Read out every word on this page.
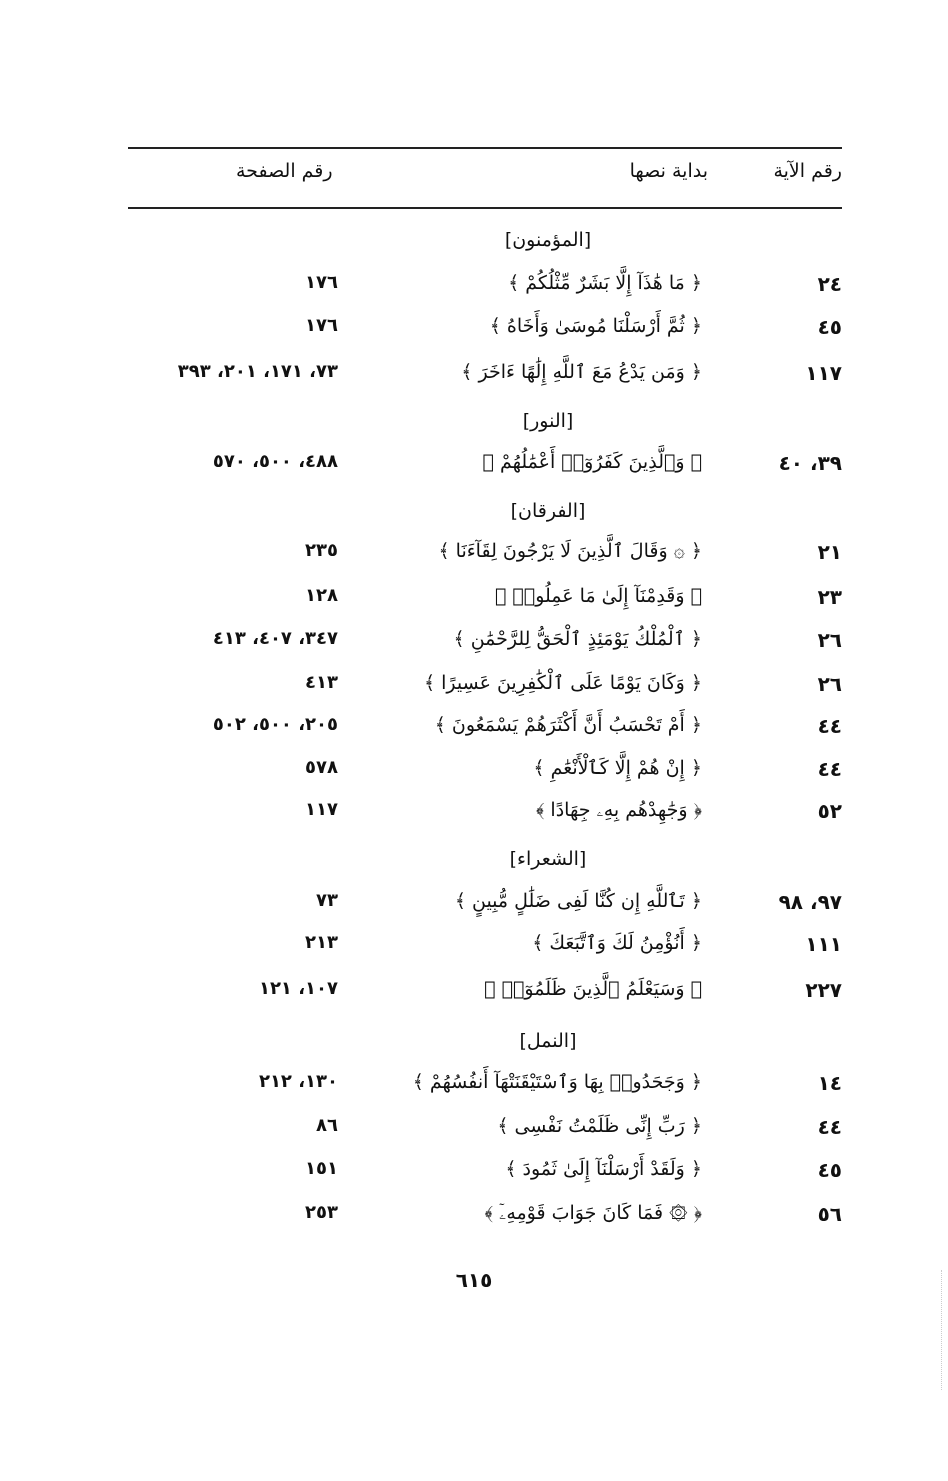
رقم الآية
بداية نصها
رقم الصفحة
[المؤمنون]
٢٤
﴿ مَا هَٰذَآ إِلَّا بَشَرٌ مِّثْلُكُمْ ﴾
١٧٦
٤٥
﴿ ثُمَّ أَرْسَلْنَا مُوسَىٰ وَأَخَاهُ ﴾
١٧٦
١١٧
﴿ وَمَن يَدْعُ مَعَ ٱللَّهِ إِلَٰهًا ءَاخَرَ ﴾
٧٣، ١٧١، ٢٠١، ٣٩٣
[النور]
٣٩، ٤٠
﴿ وَٱلَّذِينَ كَفَرُوٓا۟ أَعْمَٰلُهُمْ ﴾
٤٨٨، ٥٠٠، ٥٧٠
[الفرقان]
٢١
﴿ ۞ وَقَالَ ٱلَّذِينَ لَا يَرْجُونَ لِقَآءَنَا ﴾
٢٣٥
٢٣
﴿ وَقَدِمْنَآ إِلَىٰ مَا عَمِلُوا۟ ﴾
١٢٨
٢٦
﴿ ٱلْمُلْكُ يَوْمَئِذٍ ٱلْحَقُّ لِلرَّحْمَٰنِ ﴾
٣٤٧، ٤٠٧، ٤١٣
٢٦
﴿ وَكَانَ يَوْمًا عَلَى ٱلْكَٰفِرِينَ عَسِيرًا ﴾
٤١٣
٤٤
﴿ أَمْ تَحْسَبُ أَنَّ أَكْثَرَهُمْ يَسْمَعُونَ ﴾
٢٠٥، ٥٠٠، ٥٠٢
٤٤
﴿ إِنْ هُمْ إِلَّا كَٱلْأَنْعَٰمِ ﴾
٥٧٨
٥٢
﴿ وَجَٰهِدْهُم بِهِۦ جِهَادًا ﴾
١١٧
[الشعراء]
٩٧، ٩٨
﴿ تَٱللَّهِ إِن كُنَّا لَفِى ضَلَٰلٍ مُّبِينٍ ﴾
٧٣
١١١
﴿ أَنُؤْمِنُ لَكَ وَٱتَّبَعَكَ ﴾
٢١٣
٢٢٧
﴿ وَسَيَعْلَمُ ٱلَّذِينَ ظَلَمُوٓا۟ ﴾
١٠٧، ١٢١
[النمل]
١٤
﴿ وَجَحَدُوا۟ بِهَا وَٱسْتَيْقَنَتْهَآ أَنفُسُهُمْ ﴾
١٣٠، ٢١٢
٤٤
﴿ رَبِّ إِنِّى ظَلَمْتُ نَفْسِى ﴾
٨٦
٤٥
﴿ وَلَقَدْ أَرْسَلْنَآ إِلَىٰ ثَمُودَ ﴾
١٥١
٥٦
﴿ ۞ فَمَا كَانَ جَوَابَ قَوْمِهِۦٓ ﴾
٢٥٣
٦١٥
